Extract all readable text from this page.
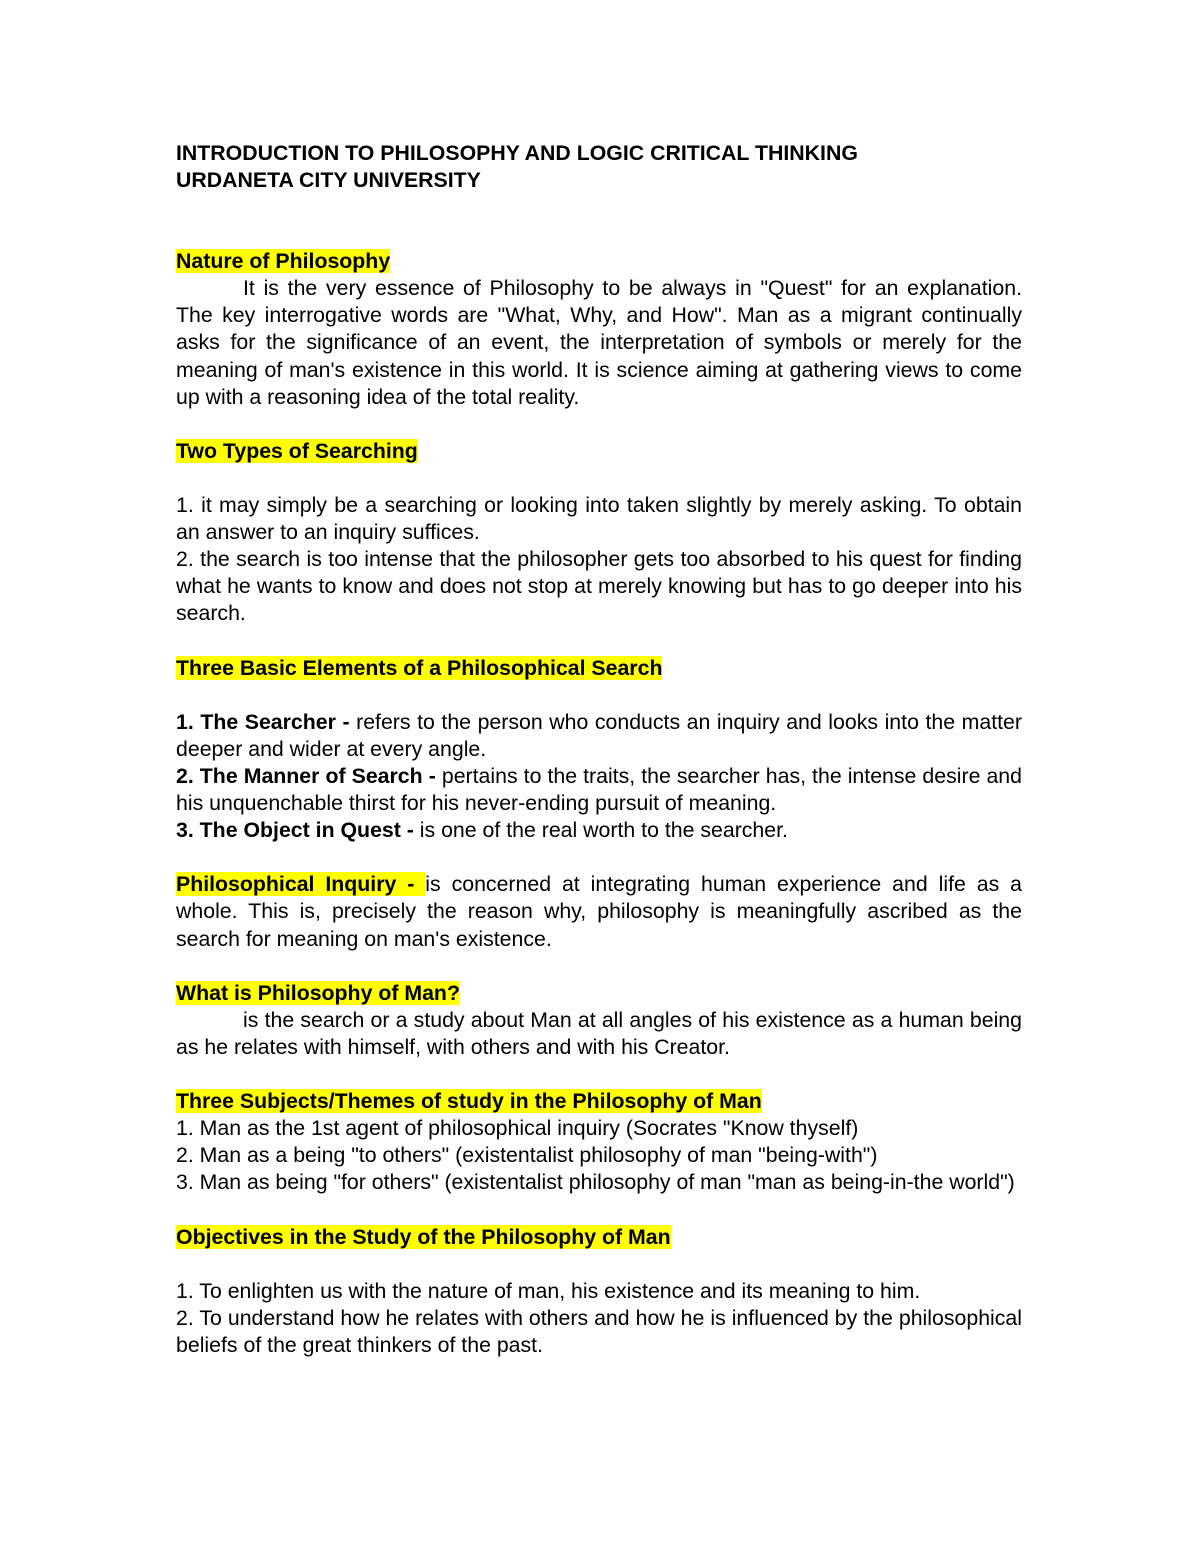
INTRODUCTION TO PHILOSOPHY AND LOGIC CRITICAL THINKING

URDANETA CITY UNIVERSITY

Nature of Philosophy

It is the very essence of Philosophy to be always in "Quest" for an explanation. The key interrogative words are "What, Why, and How". Man as a migrant continually asks for the significance of an event, the interpretation of symbols or merely for the meaning of man's existence in this world. It is science aiming at gathering views to come up with a reasoning idea of the total reality.

Two Types of Searching

1. it may simply be a searching or looking into taken slightly by merely asking. To obtain an answer to an inquiry suffices.

2. the search is too intense that the philosopher gets too absorbed to his quest for finding what he wants to know and does not stop at merely knowing but has to go deeper into his search.

Three Basic Elements of a Philosophical Search

1. The Searcher - refers to the person who conducts an inquiry and looks into the matter deeper and wider at every angle.

2. The Manner of Search - pertains to the traits, the searcher has, the intense desire and his unquenchable thirst for his never-ending pursuit of meaning.

3. The Object in Quest - is one of the real worth to the searcher.

Philosophical Inquiry - is concerned at integrating human experience and life as a whole. This is, precisely the reason why, philosophy is meaningfully ascribed as the search for meaning on man's existence.

What is Philosophy of Man?

is the search or a study about Man at all angles of his existence as a human being as he relates with himself, with others and with his Creator.

Three Subjects/Themes of study in the Philosophy of Man

1. Man as the 1st agent of philosophical inquiry (Socrates "Know thyself)

2. Man as a being "to others" (existentalist philosophy of man "being-with")

3. Man as being "for others" (existentalist philosophy of man "man as being-in-the world")

Objectives in the Study of the Philosophy of Man

1. To enlighten us with the nature of man, his existence and its meaning to him.

2. To understand how he relates with others and how he is influenced by the philosophical beliefs of the great thinkers of the past.
